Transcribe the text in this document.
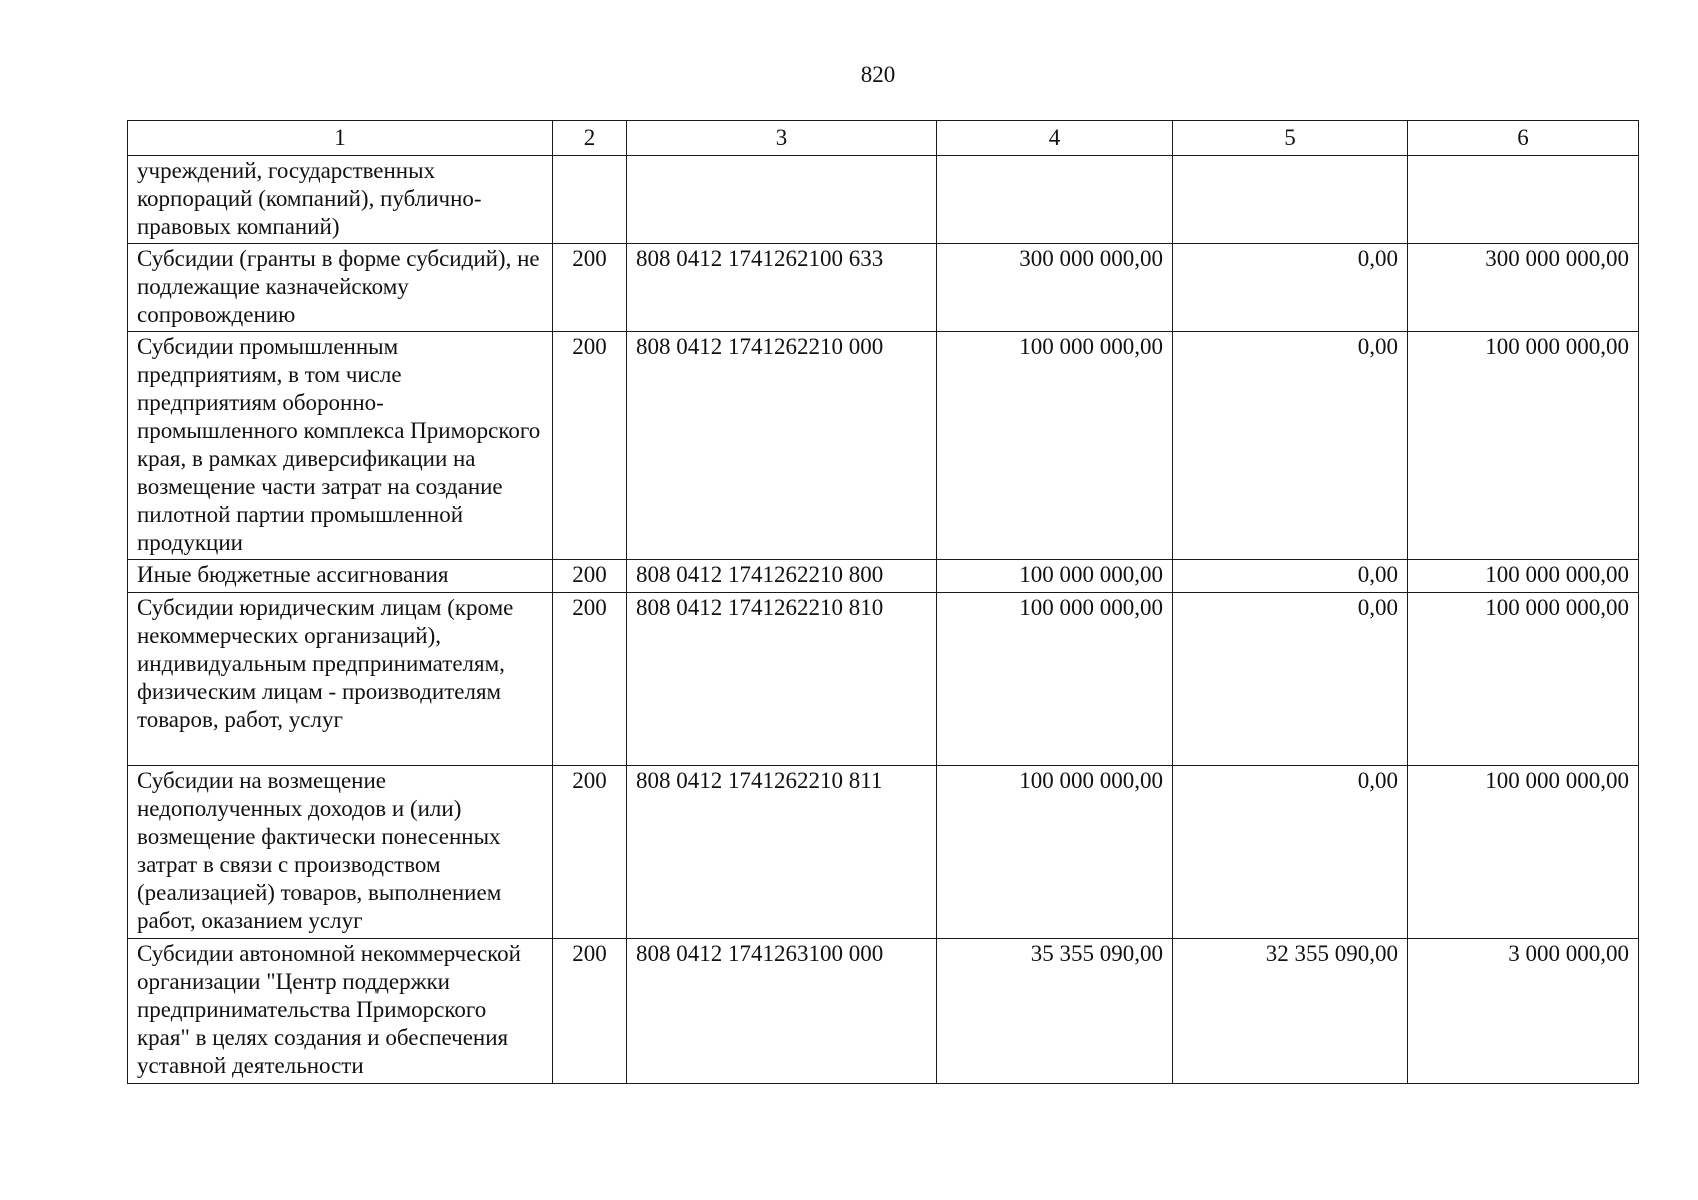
820
1	2	3	4	5	6
учреждений, государственных корпораций (компаний), публично-правовых компаний)					
Субсидии (гранты в форме субсидий), не подлежащие казначейскому сопровождению	200	808 0412 1741262100 633	300 000 000,00	0,00	300 000 000,00
Субсидии промышленным предприятиям, в том числе предприятиям оборонно-промышленного комплекса Приморского края, в рамках диверсификации на возмещение части затрат на создание пилотной партии промышленной продукции	200	808 0412 1741262210 000	100 000 000,00	0,00	100 000 000,00
Иные бюджетные ассигнования	200	808 0412 1741262210 800	100 000 000,00	0,00	100 000 000,00
Субсидии юридическим лицам (кроме некоммерческих организаций), индивидуальным предпринимателям, физическим лицам - производителям товаров, работ, услуг	200	808 0412 1741262210 810	100 000 000,00	0,00	100 000 000,00
Субсидии на возмещение недополученных доходов и (или) возмещение фактически понесенных затрат в связи с производством (реализацией) товаров, выполнением работ, оказанием услуг	200	808 0412 1741262210 811	100 000 000,00	0,00	100 000 000,00
Субсидии автономной некоммерческой организации "Центр поддержки предпринимательства Приморского края" в целях создания и обеспечения уставной деятельности	200	808 0412 1741263100 000	35 355 090,00	32 355 090,00	3 000 000,00
